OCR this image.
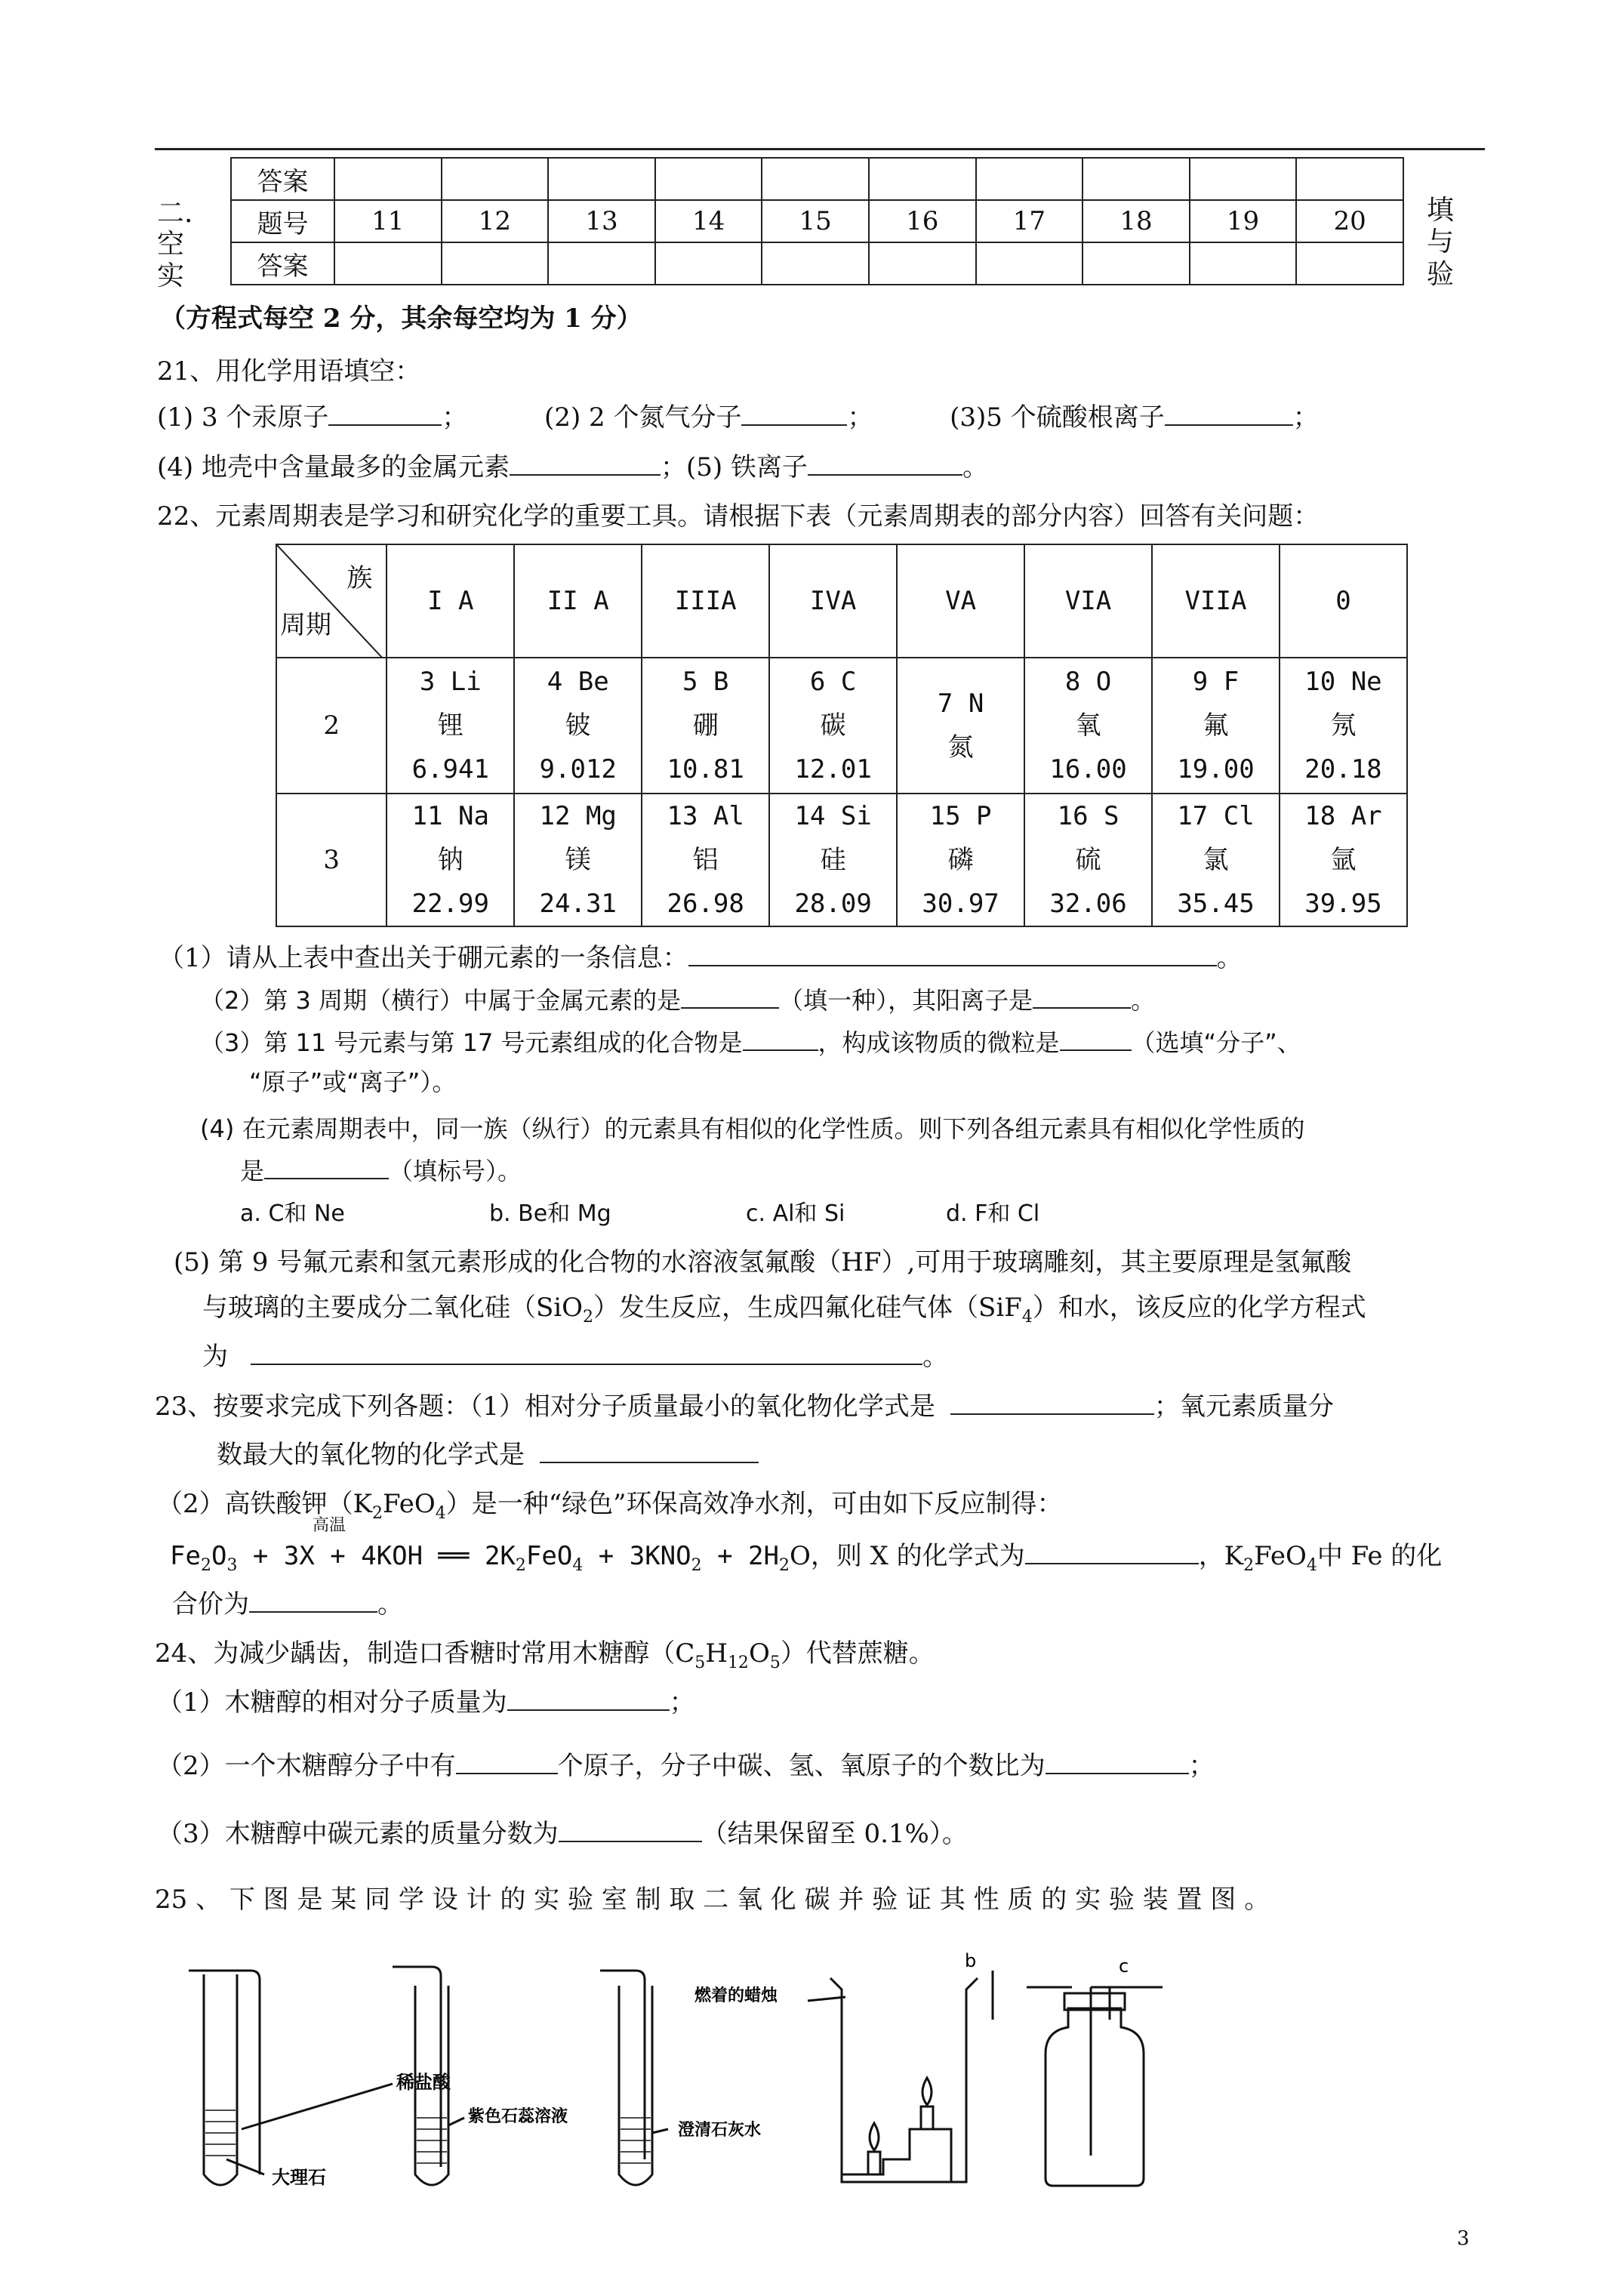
二.
空
实
填
与
验
答案										
题号	11	12	13	14	15	16	17	18	19	20
答案										
（方程式每空 2 分，其余每空均为 1 分）
21、用化学用语填空：
(1) 3 个汞原子	；	(2) 2 个氮气分子	；	(3)5 个硫酸根离子	；
(4) 地壳中含量最多的金属元素	；(5) 铁离子	。
22、元素周期表是学习和研究化学的重要工具。请根据下表（元素周期表的部分内容）回答有关问题：
族
周期	I A	II A	IIIA	IVA	VA	VIA	VIIA	0
2	3 Li
锂
6.941	4 Be
铍
9.012	5 B
硼
10.81	6 C
碳
12.01	7 N
氮	8 O
氧
16.00	9 F
氟
19.00	10 Ne
氖
20.18

3	11 Na
钠
22.99	12 Mg
镁
24.31	13 Al
铝
26.98	14 Si
硅
28.09	15 P
磷
30.97	16 S
硫
32.06	17 Cl
氯
35.45	18 Ar
氩
39.95
（1）请从上表中查出关于硼元素的一条信息：	。
（2）第 3 周期（横行）中属于金属元素的是	（填一种），其阳离子是	。
（3）第 11 号元素与第 17 号元素组成的化合物是	，构成该物质的微粒是	（选填“分子”、
“原子”或“离子”）。
(4) 在元素周期表中，同一族（纵行）的元素具有相似的化学性质。则下列各组元素具有相似化学性质的
是	（填标号）。
a. C和 Ne	b. Be和 Mg	c. Al和 Si	d. F和 Cl
(5) 第 9 号氟元素和氢元素形成的化合物的水溶液氢氟酸（HF）,可用于玻璃雕刻，其主要原理是氢氟酸
与玻璃的主要成分二氧化硅（SiO$_2$）发生反应，生成四氟化硅气体（SiF$_4$）和水，该反应的化学方程式
为	。
23、按要求完成下列各题：（1）相对分子质量最小的氧化物化学式是	；氧元素质量分
数最大的氧化物的化学式是
（2）高铁酸钾$(K_2FeO_4)$是一种“绿色”环保高效净水剂，可由如下反应制得：
高温
$Fe_2O_3 + 3X + 4KOH$ ══ $2K_2FeO_4 + 3KNO_2 + 2H_2O$，则 X 的化学式为	，$K_2FeO_4$中 Fe 的化
合价为	。
24、为减少龋齿，制造口香糖时常用木糖醇$(C_5H_{12}O_5)$代替蔗糖。
（1）木糖醇的相对分子质量为	；
（2）一个木糖醇分子中有	个原子，分子中碳、氢、氧原子的个数比为	；
（3）木糖醇中碳元素的质量分数为	（结果保留至 0.1%）。
25 、 下 图 是 某 同 学 设 计 的 实 验 室 制 取 二 氧 化 碳 并 验 证 其 性 质 的 实 验 装 置 图 。
稀盐酸
大理石
紫色石蕊溶液
燃着的蜡烛
澄清石灰水
b	c
3
